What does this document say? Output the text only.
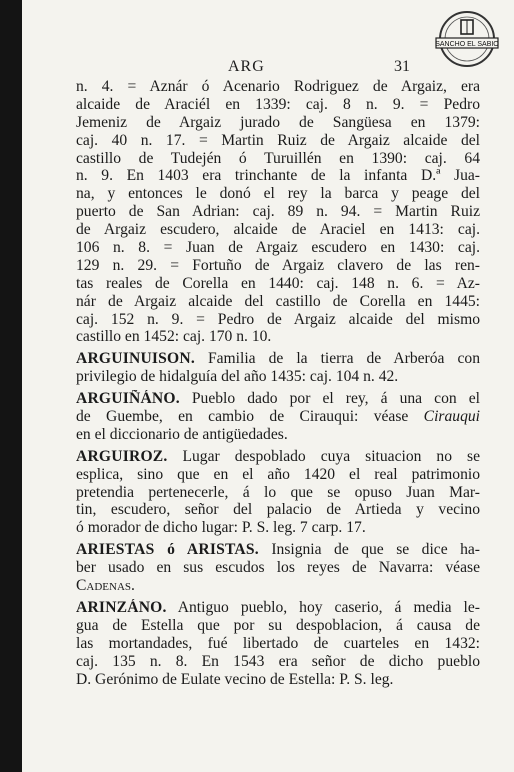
ARG	31
SANCHO EL SABIO
n. 4. = Aznár ó Acenario Rodriguez de Argaiz, era
alcaide de Araciél en 1339: caj. 8 n. 9. = Pedro
Jemeniz de Argaiz jurado de Sangüesa en 1379:
caj. 40 n. 17. = Martin Ruiz de Argaiz alcaide del
castillo de Tudején ó Turuillén en 1390: caj. 64
n. 9. En 1403 era trinchante de la infanta D.ª Jua-
na, y entonces le donó el rey la barca y peage del
puerto de San Adrian: caj. 89 n. 94. = Martin Ruiz
de Argaiz escudero, alcaide de Araciel en 1413: caj.
106 n. 8. = Juan de Argaiz escudero en 1430: caj.
129 n. 29. = Fortuño de Argaiz clavero de las ren-
tas reales de Corella en 1440: caj. 148 n. 6. = Az-
nár de Argaiz alcaide del castillo de Corella en 1445:
caj. 152 n. 9. = Pedro de Argaiz alcaide del mismo
castillo en 1452: caj. 170 n. 10.
ARGUINUISON. Familia de la tierra de Arberóa con
privilegio de hidalguía del año 1435: caj. 104 n. 42.
ARGUIÑÁNO. Pueblo dado por el rey, á una con el
de Guembe, en cambio de Cirauqui: véase Cirauqui
en el diccionario de antigüedades.
ARGUIROZ. Lugar despoblado cuya situacion no se
esplica, sino que en el año 1420 el real patrimonio
pretendia pertenecerle, á lo que se opuso Juan Mar-
tin, escudero, señor del palacio de Artieda y vecino
ó morador de dicho lugar: P. S. leg. 7 carp. 17.
ARIESTAS ó ARISTAS. Insignia de que se dice ha-
ber usado en sus escudos los reyes de Navarra: véase
Cadenas.
ARINZÁNO. Antiguo pueblo, hoy caserio, á media le-
gua de Estella que por su despoblacion, á causa de
las mortandades, fué libertado de cuarteles en 1432:
caj. 135 n. 8. En 1543 era señor de dicho pueblo
D. Gerónimo de Eulate vecino de Estella: P. S. leg.
